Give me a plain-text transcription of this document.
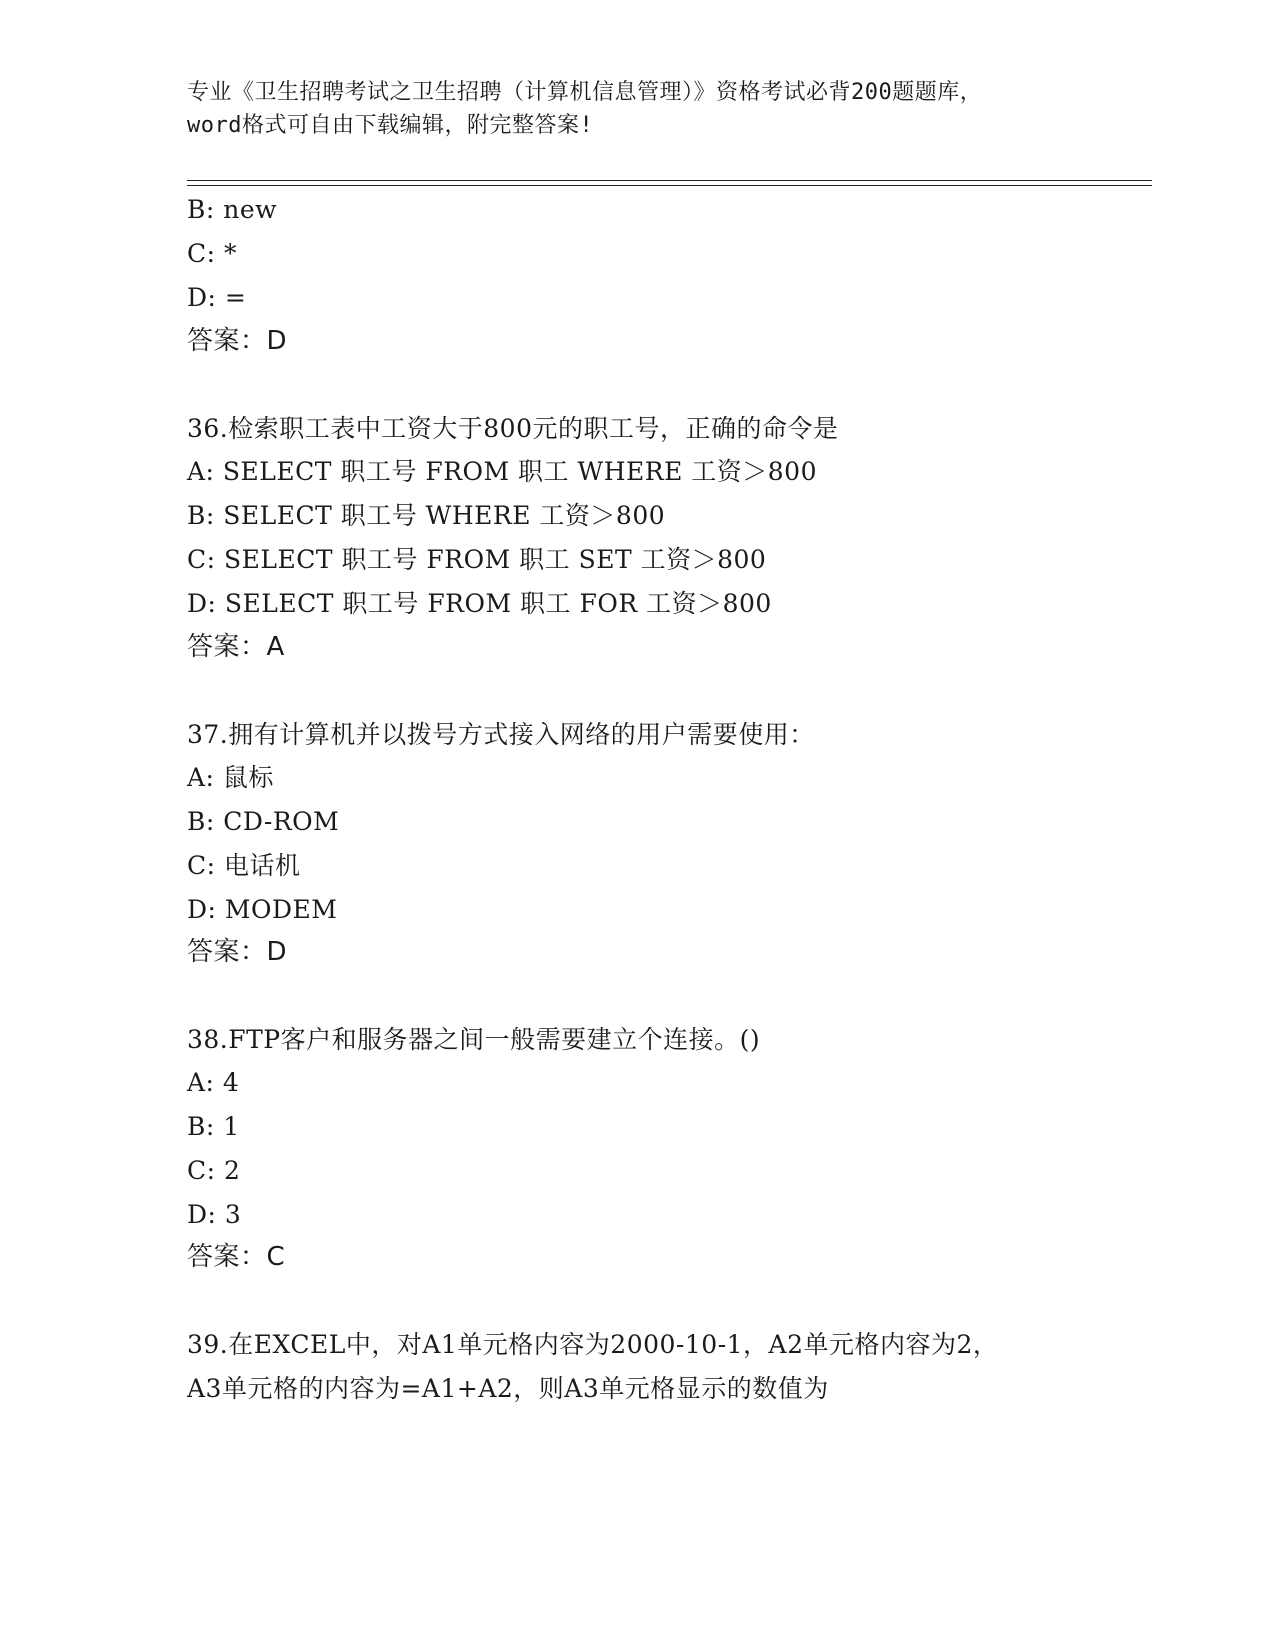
专业《卫生招聘考试之卫生招聘（计算机信息管理）》资格考试必背200题题库，
word格式可自由下载编辑，附完整答案!
B: new
C: *
D: =
答案：D
36.检索职工表中工资大于800元的职工号，正确的命令是
A: SELECT 职工号 FROM 职工 WHERE 工资＞800
B: SELECT 职工号 WHERE 工资＞800
C: SELECT 职工号 FROM 职工 SET 工资＞800
D: SELECT 职工号 FROM 职工 FOR 工资＞800
答案：A
37.拥有计算机并以拨号方式接入网络的用户需要使用：
A: 鼠标
B: CD-ROM
C: 电话机
D: MODEM
答案：D
38.FTP客户和服务器之间一般需要建立个连接。()
A: 4
B: 1
C: 2
D: 3
答案：C
39.在EXCEL中，对A1单元格内容为2000-10-1，A2单元格内容为2，
A3单元格的内容为=A1+A2，则A3单元格显示的数值为
